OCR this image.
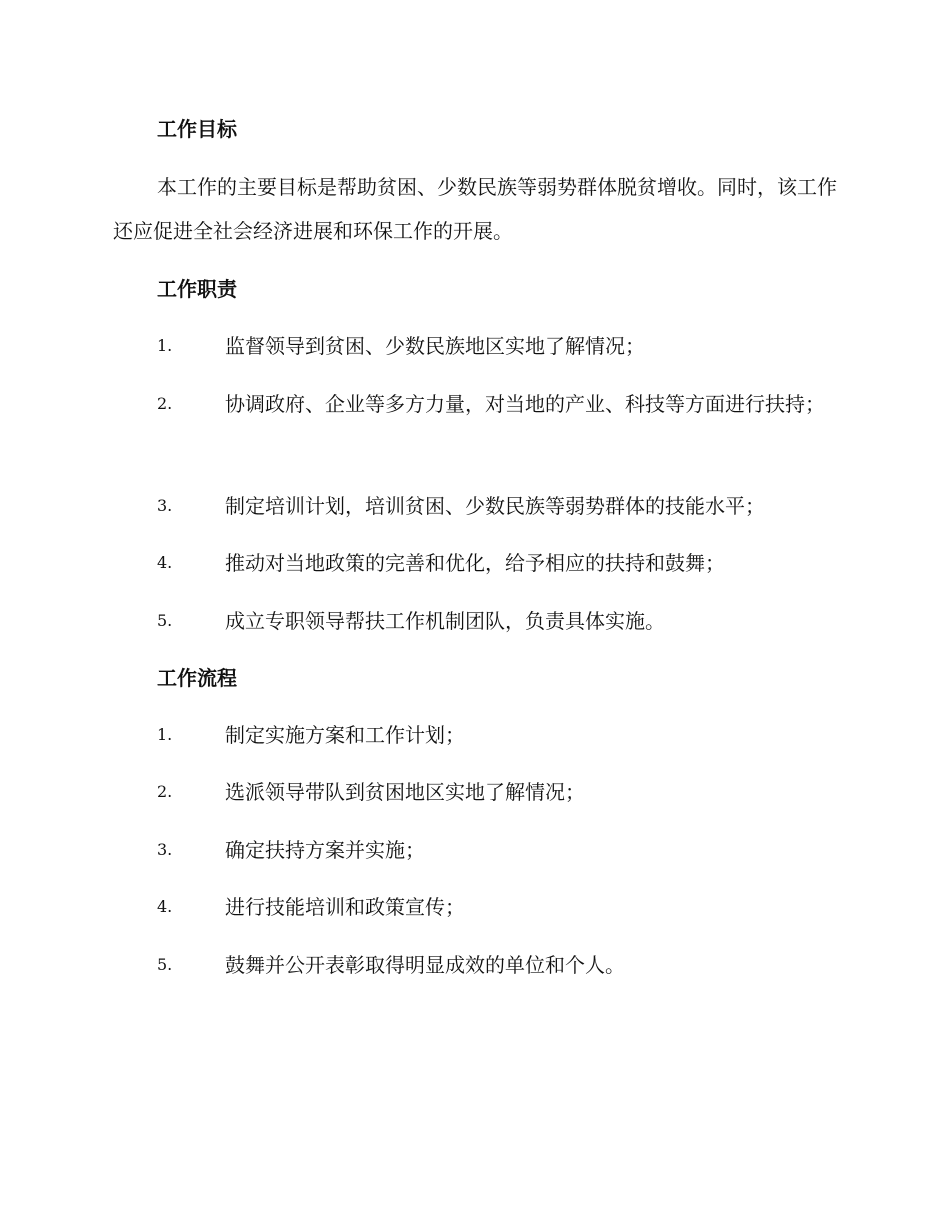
工作目标

本工作的主要目标是帮助贫困、少数民族等弱势群体脱贫增收。同时，该工作还应促进全社会经济进展和环保工作的开展。

工作职责
1.	监督领导到贫困、少数民族地区实地了解情况；
2.	协调政府、企业等多方力量，对当地的产业、科技等方面进行扶持；

3.	制定培训计划，培训贫困、少数民族等弱势群体的技能水平；
4.	推动对当地政策的完善和优化，给予相应的扶持和鼓舞；
5.	成立专职领导帮扶工作机制团队，负责具体实施。
工作流程
1.	制定实施方案和工作计划；
2.	选派领导带队到贫困地区实地了解情况；
3.	确定扶持方案并实施；
4.	进行技能培训和政策宣传；
5.	鼓舞并公开表彰取得明显成效的单位和个人。
